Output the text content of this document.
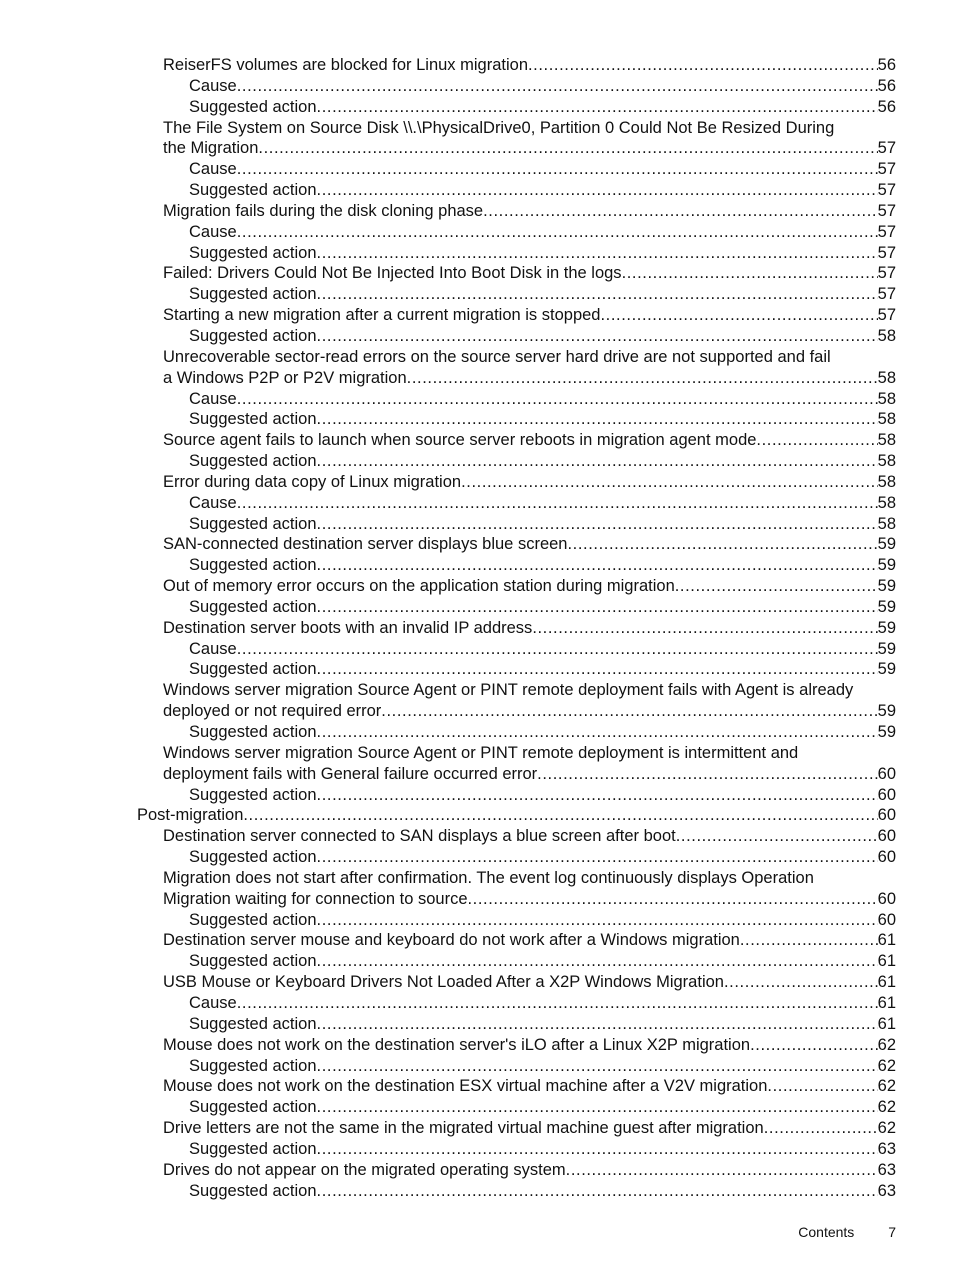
ReiserFS volumes are blocked for Linux migration .....	56
Cause .....	56
Suggested action .....	56
The File System on Source Disk \\.\PhysicalDrive0, Partition 0 Could Not Be Resized During
the Migration .....	57
Cause .....	57
Suggested action .....	57
Migration fails during the disk cloning phase .....	57
Cause .....	57
Suggested action .....	57
Failed: Drivers Could Not Be Injected Into Boot Disk in the logs .....	57
Suggested action .....	57
Starting a new migration after a current migration is stopped .....	57
Suggested action .....	58
Unrecoverable sector-read errors on the source server hard drive are not supported and fail
a Windows P2P or P2V migration .....	58
Cause .....	58
Suggested action .....	58
Source agent fails to launch when source server reboots in migration agent mode .....	58
Suggested action .....	58
Error during data copy of Linux migration .....	58
Cause .....	58
Suggested action .....	58
SAN-connected destination server displays blue screen .....	59
Suggested action .....	59
Out of memory error occurs on the application station during migration .....	59
Suggested action .....	59
Destination server boots with an invalid IP address .....	59
Cause .....	59
Suggested action .....	59
Windows server migration Source Agent or PINT remote deployment fails with Agent is already
deployed or not required error .....	59
Suggested action .....	59
Windows server migration Source Agent or PINT remote deployment is intermittent and
deployment fails with General failure occurred error .....	60
Suggested action .....	60
Post-migration .....	60
Destination server connected to SAN displays a blue screen after boot .....	60
Suggested action .....	60
Migration does not start after confirmation. The event log continuously displays Operation
Migration waiting for connection to source .....	60
Suggested action .....	60
Destination server mouse and keyboard do not work after a Windows migration .....	61
Suggested action .....	61
USB Mouse or Keyboard Drivers Not Loaded After a X2P Windows Migration .....	61
Cause .....	61
Suggested action .....	61
Mouse does not work on the destination server's iLO after a Linux X2P migration .....	62
Suggested action .....	62
Mouse does not work on the destination ESX virtual machine after a V2V migration .....	62
Suggested action .....	62
Drive letters are not the same in the migrated virtual machine guest after migration .....	62
Suggested action .....	63
Drives do not appear on the migrated operating system .....	63
Suggested action .....	63
Contents 7
